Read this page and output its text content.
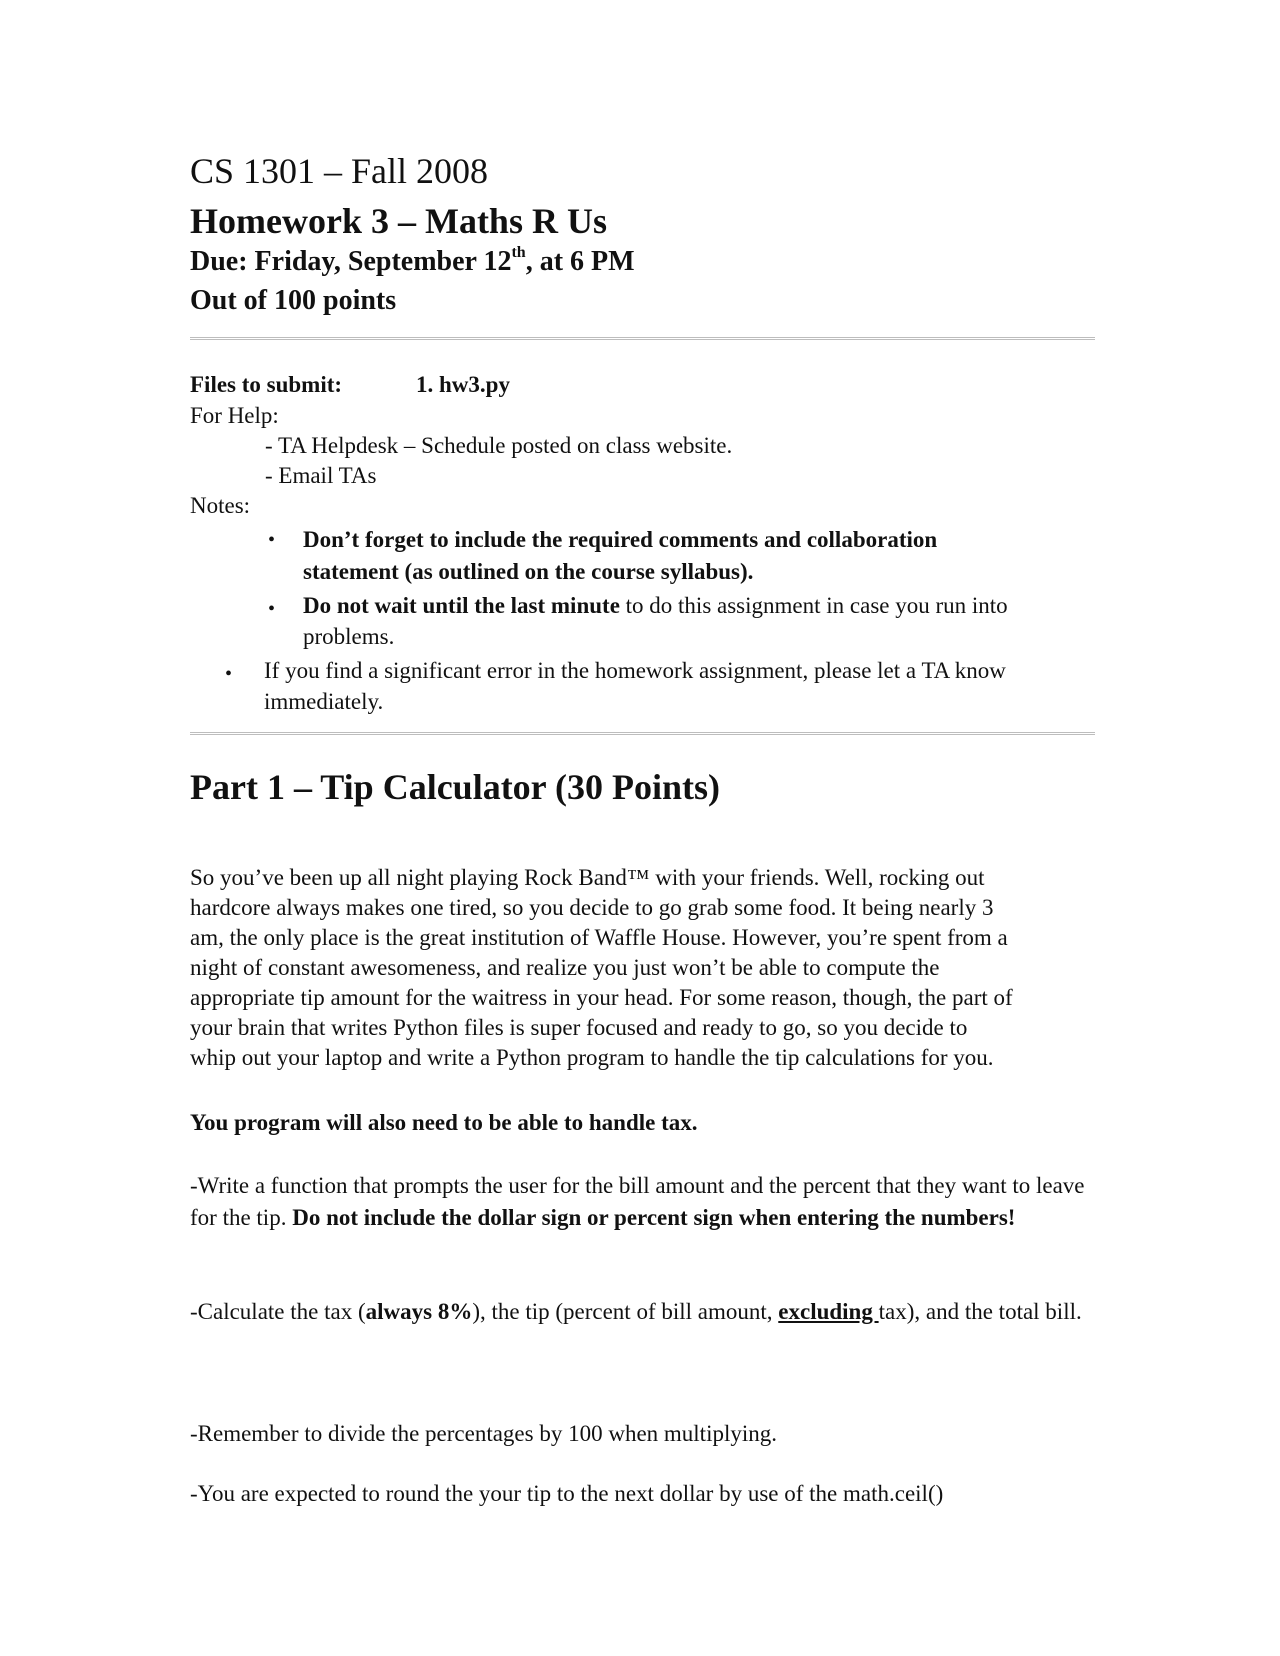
CS 1301 – Fall 2008
Homework 3 – Maths R Us
Due: Friday, September 12th, at 6 PM
Out of 100 points
Files to submit:	1. hw3.py
For Help:
- TA Helpdesk – Schedule posted on class website.
- Email TAs
Notes:
• Don’t forget to include the required comments and collaboration
statement (as outlined on the course syllabus).
• Do not wait until the last minute to do this assignment in case you run into
problems.
• If you find a significant error in the homework assignment, please let a TA know
immediately.
Part 1 – Tip Calculator (30 Points)
So you’ve been up all night playing Rock Band™ with your friends. Well, rocking out
hardcore always makes one tired, so you decide to go grab some food. It being nearly 3
am, the only place is the great institution of Waffle House. However, you’re spent from a
night of constant awesomeness, and realize you just won’t be able to compute the
appropriate tip amount for the waitress in your head. For some reason, though, the part of
your brain that writes Python files is super focused and ready to go, so you decide to
whip out your laptop and write a Python program to handle the tip calculations for you.
You program will also need to be able to handle tax.
-Write a function that prompts the user for the bill amount and the percent that they want to leave for the tip. Do not include the dollar sign or percent sign when entering the numbers!
-Calculate the tax (always 8%), the tip (percent of bill amount, excluding tax), and the total bill.
-Remember to divide the percentages by 100 when multiplying.
-You are expected to round the your tip to the next dollar by use of the math.ceil()
